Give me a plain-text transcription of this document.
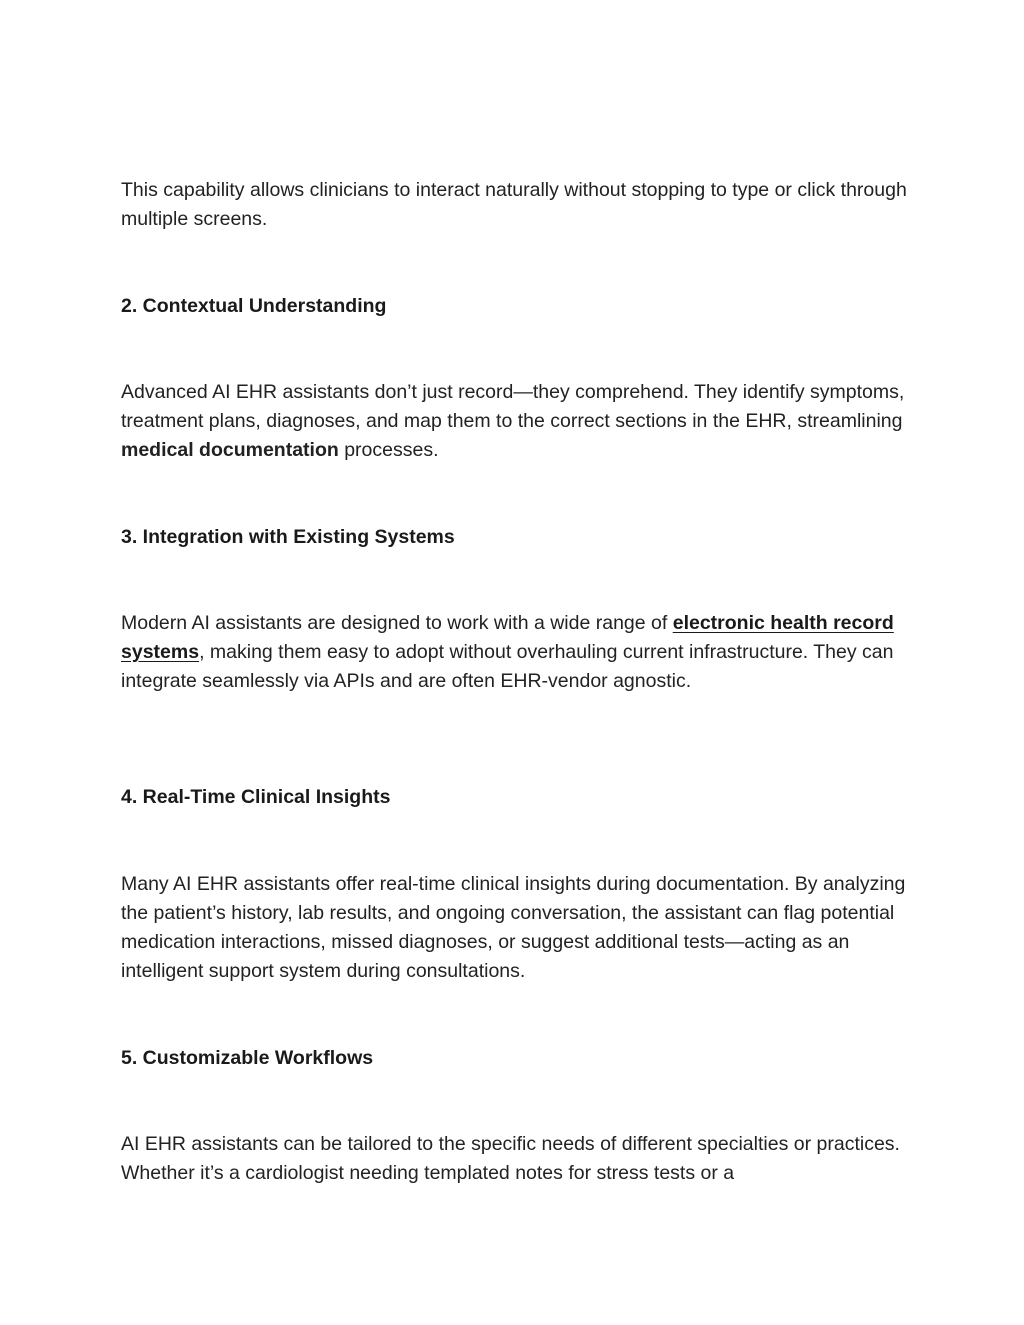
This capability allows clinicians to interact naturally without stopping to type or click through multiple screens.

2. Contextual Understanding

Advanced AI EHR assistants don’t just record—they comprehend. They identify symptoms, treatment plans, diagnoses, and map them to the correct sections in the EHR, streamlining medical documentation processes.

3. Integration with Existing Systems

Modern AI assistants are designed to work with a wide range of electronic health record systems, making them easy to adopt without overhauling current infrastructure. They can integrate seamlessly via APIs and are often EHR-vendor agnostic.

4. Real-Time Clinical Insights

Many AI EHR assistants offer real-time clinical insights during documentation. By analyzing the patient’s history, lab results, and ongoing conversation, the assistant can flag potential medication interactions, missed diagnoses, or suggest additional tests—acting as an intelligent support system during consultations.

5. Customizable Workflows

AI EHR assistants can be tailored to the specific needs of different specialties or practices. Whether it’s a cardiologist needing templated notes for stress tests or a
